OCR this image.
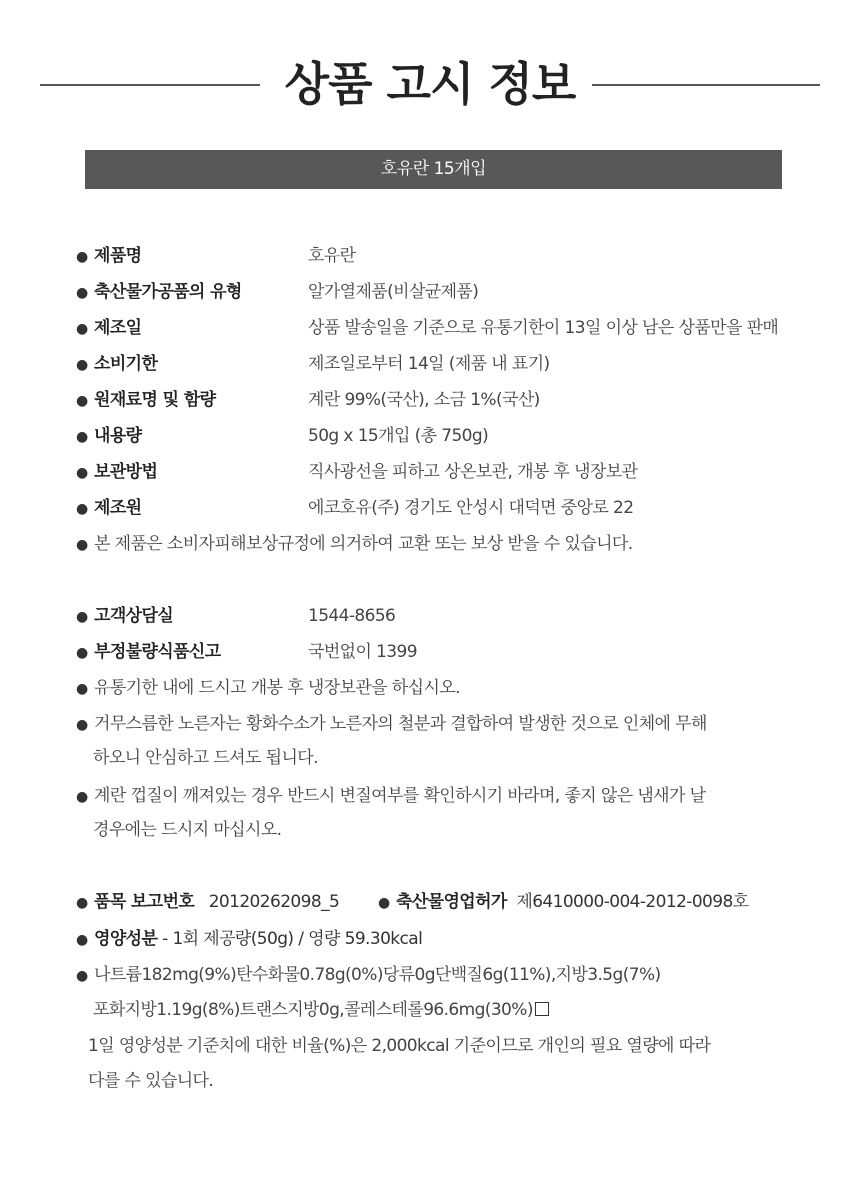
상품 고시 정보
호유란 15개입
● 제품명	호유란
● 축산물가공품의 유형	알가열제품(비살균제품)
● 제조일	상품 발송일을 기준으로 유통기한이 13일 이상 남은 상품만을 판매
● 소비기한	제조일로부터 14일 (제품 내 표기)
● 원재료명 및 함량	계란 99%(국산), 소금 1%(국산)
● 내용량	50g x 15개입 (총 750g)
● 보관방법	직사광선을 피하고 상온보관, 개봉 후 냉장보관
● 제조원	에코호유(주) 경기도 안성시 대덕면 중앙로 22
● 본 제품은 소비자피해보상규정에 의거하여 교환 또는 보상 받을 수 있습니다.
● 고객상담실	1544-8656
● 부정불량식품신고	국번없이 1399
● 유통기한 내에 드시고 개봉 후 냉장보관을 하십시오.
● 거무스름한 노른자는 황화수소가 노른자의 철분과 결합하여 발생한 것으로 인체에 무해
하오니 안심하고 드셔도 됩니다.
● 계란 껍질이 깨져있는 경우 반드시 변질여부를 확인하시기 바라며, 좋지 않은 냄새가 날
경우에는 드시지 마십시오.
● 품목 보고번호 20120262098_5	● 축산물영업허가 제6410000-004-2012-0098호
● 영양성분 - 1회 제공량(50g) / 영량 59.30kcal
● 나트륨182mg(9%)탄수화물0.78g(0%)당류0g단백질6g(11%),지방3.5g(7%)
포화지방1.19g(8%)트랜스지방0g,콜레스테롤96.6mg(30%)
1일 영양성분 기준치에 대한 비율(%)은 2,000kcal 기준이므로 개인의 필요 열량에 따라
다를 수 있습니다.
